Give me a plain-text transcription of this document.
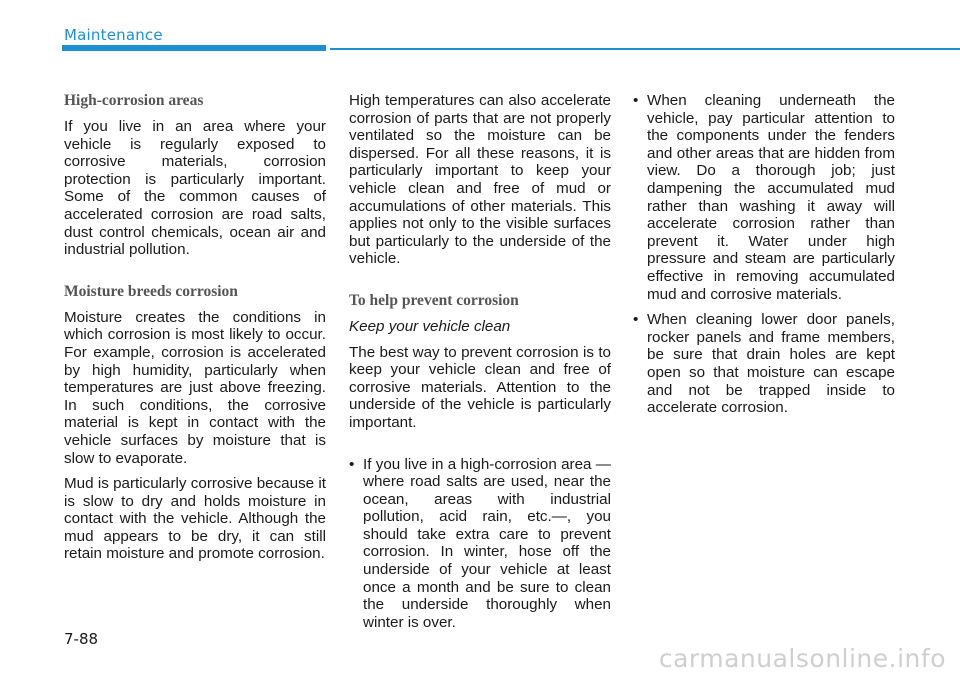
Maintenance
High-corrosion areas

If you live in an area where your vehicle is regularly exposed to corrosive materials, corrosion protection is particularly important. Some of the common causes of accelerated corrosion are road salts, dust control chemicals, ocean air and industrial pollution.

Moisture breeds corrosion

Moisture creates the conditions in which corrosion is most likely to occur. For example, corrosion is accelerated by high humidity, particularly when temperatures are just above freezing. In such conditions, the corrosive material is kept in contact with the vehicle surfaces by moisture that is slow to evaporate.

Mud is particularly corrosive because it is slow to dry and holds moisture in contact with the vehicle. Although the mud appears to be dry, it can still retain moisture and promote corrosion.

High temperatures can also accelerate corrosion of parts that are not properly ventilated so the moisture can be dispersed. For all these reasons, it is particularly important to keep your vehicle clean and free of mud or accumulations of other materials. This applies not only to the visible surfaces but particularly to the underside of the vehicle.

To help prevent corrosion

Keep your vehicle clean

The best way to prevent corrosion is to keep your vehicle clean and free of corrosive materials. Attention to the underside of the vehicle is particularly important.

• If you live in a high-corrosion area — where road salts are used, near the ocean, areas with industrial pollution, acid rain, etc.—, you should take extra care to prevent corrosion. In winter, hose off the underside of your vehicle at least once a month and be sure to clean the underside thoroughly when winter is over.
• When cleaning underneath the vehicle, pay particular attention to the components under the fenders and other areas that are hidden from view. Do a thorough job; just dampening the accumulated mud rather than washing it away will accelerate corrosion rather than prevent it. Water under high pressure and steam are particularly effective in removing accumulated mud and corrosive materials.
• When cleaning lower door panels, rocker panels and frame members, be sure that drain holes are kept open so that moisture can escape and not be trapped inside to accelerate corrosion.
7-88
carmanualsonline.info
